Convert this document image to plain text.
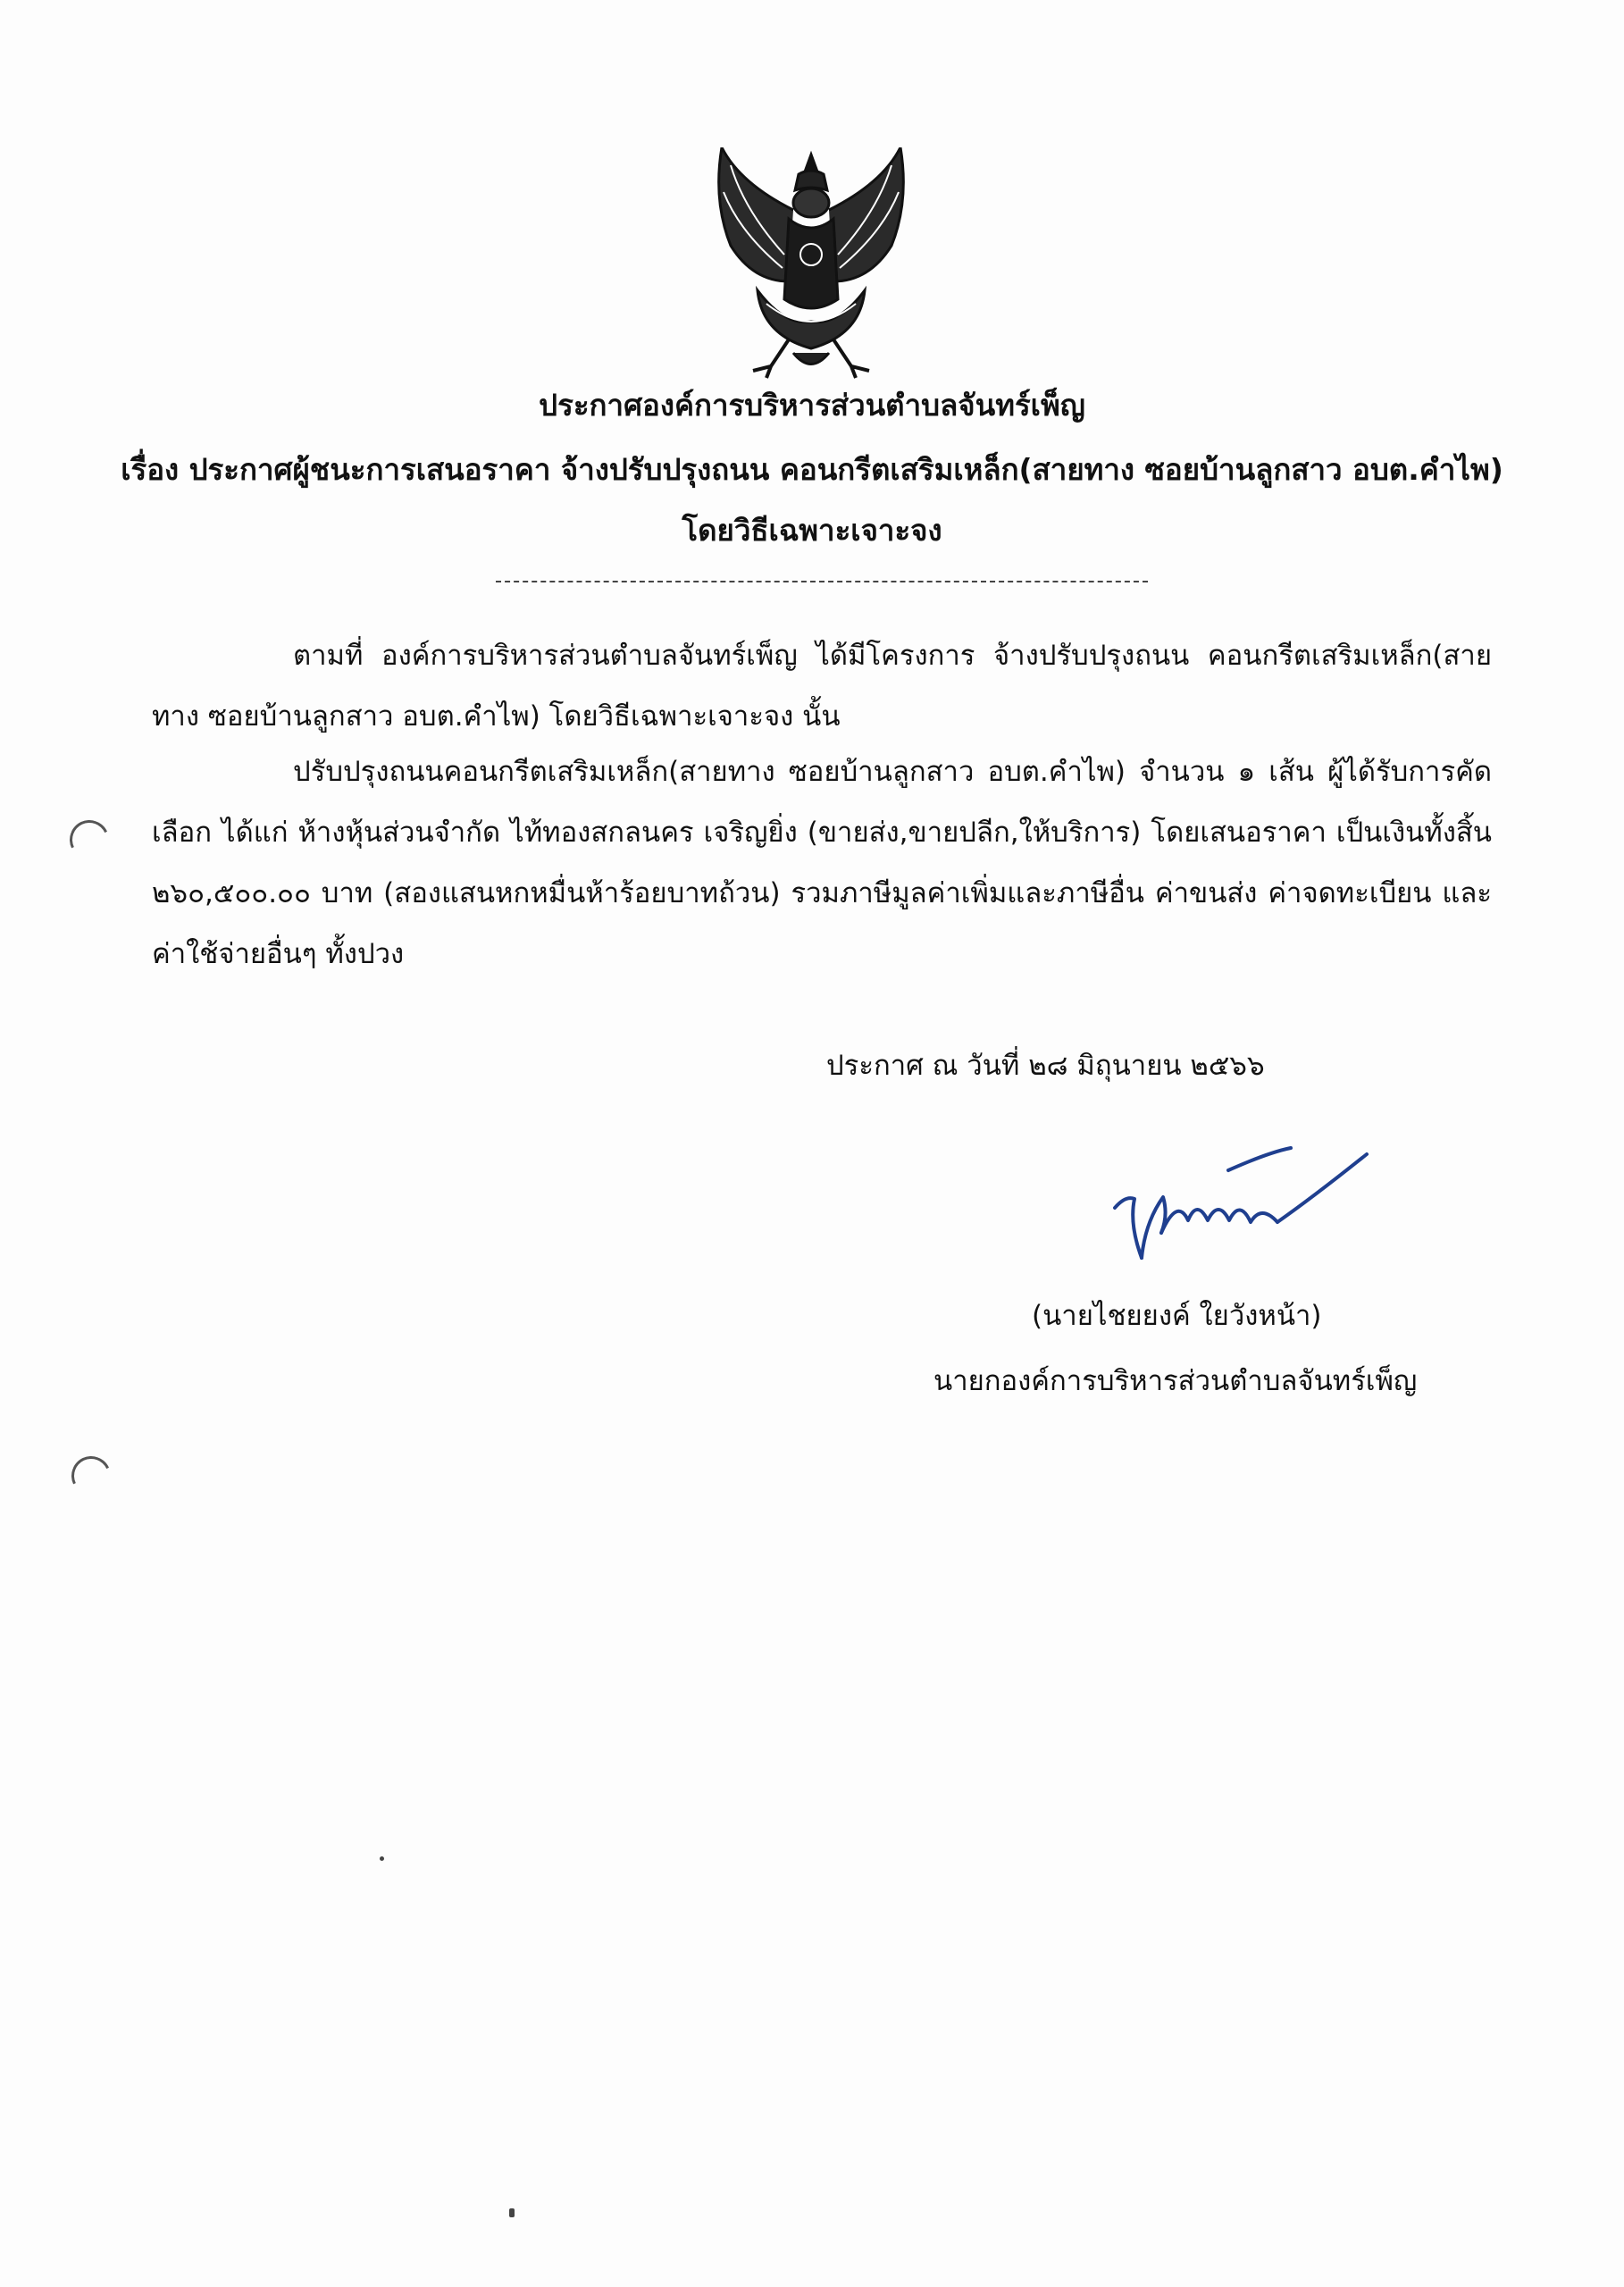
ประกาศองค์การบริหารส่วนตำบลจันทร์เพ็ญ
เรื่อง ประกาศผู้ชนะการเสนอราคา จ้างปรับปรุงถนน คอนกรีตเสริมเหล็ก(สายทาง ซอยบ้านลูกสาว อบต.คำไพ)
โดยวิธีเฉพาะเจาะจง
ตามที่ องค์การบริหารส่วนตำบลจันทร์เพ็ญ ได้มีโครงการ จ้างปรับปรุงถนน คอนกรีตเสริมเหล็ก(สายทาง ซอยบ้านลูกสาว อบต.คำไพ) โดยวิธีเฉพาะเจาะจง นั้น
ปรับปรุงถนนคอนกรีตเสริมเหล็ก(สายทาง ซอยบ้านลูกสาว อบต.คำไพ) จำนวน ๑ เส้น ผู้ได้รับการคัดเลือก ได้แก่ ห้างหุ้นส่วนจำกัด ไท้ทองสกลนคร เจริญยิ่ง (ขายส่ง,ขายปลีก,ให้บริการ) โดยเสนอราคา เป็นเงินทั้งสิ้น ๒๖๐,๕๐๐.๐๐ บาท (สองแสนหกหมื่นห้าร้อยบาทถ้วน) รวมภาษีมูลค่าเพิ่มและภาษีอื่น ค่าขนส่ง ค่าจดทะเบียน และค่าใช้จ่ายอื่นๆ ทั้งปวง
ประกาศ ณ วันที่ ๒๘ มิถุนายน ๒๕๖๖
(นายไชยยงค์ ใยวังหน้า)
นายกองค์การบริหารส่วนตำบลจันทร์เพ็ญ
